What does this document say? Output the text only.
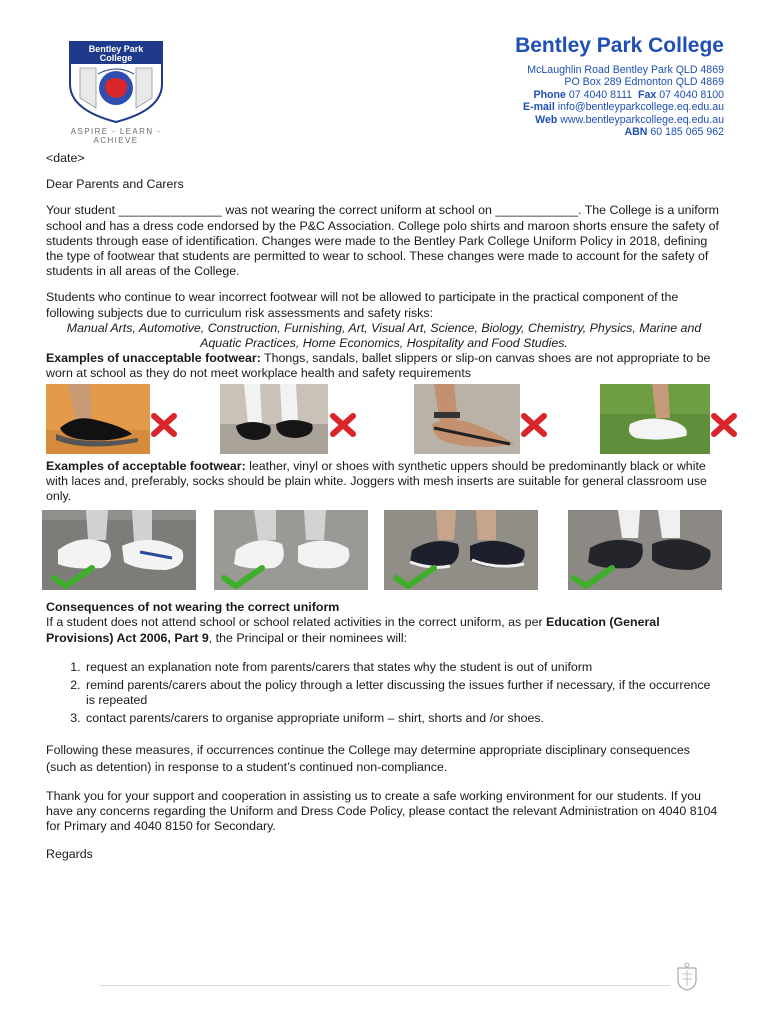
Bentley Park
College
ASPIRE - LEARN - ACHIEVE
Bentley Park College
McLaughlin Road Bentley Park QLD 4869
PO Box 289 Edmonton QLD 4869
Phone 07 4040 8111 Fax 07 4040 8100
E-mail info@bentleyparkcollege.eq.edu.au
Web www.bentleyparkcollege.eq.edu.au
ABN 60 185 065 962

<date>

Dear Parents and Carers

Your student _______________ was not wearing the correct uniform at school on ____________. The College is a uniform school and has a dress code endorsed by the P&C Association. College polo shirts and maroon shorts ensure the safety of students through ease of identification. Changes were made to the Bentley Park College Uniform Policy in 2018, defining the type of footwear that students are permitted to wear to school. These changes were made to account for the safety of students in all areas of the College.

Students who continue to wear incorrect footwear will not be allowed to participate in the practical component of the following subjects due to curriculum risk assessments and safety risks:

Manual Arts, Automotive, Construction, Furnishing, Art, Visual Art, Science, Biology, Chemistry, Physics, Marine and Aquatic Practices, Home Economics, Hospitality and Food Studies.

Examples of unacceptable footwear: Thongs, sandals, ballet slippers or slip-on canvas shoes are not appropriate to be worn at school as they do not meet workplace health and safety requirements

Examples of acceptable footwear: leather, vinyl or shoes with synthetic uppers should be predominantly black or white with laces and, preferably, socks should be plain white. Joggers with mesh inserts are suitable for general classroom use only.

Consequences of not wearing the correct uniform

If a student does not attend school or school related activities in the correct uniform, as per Education (General Provisions) Act 2006, Part 9, the Principal or their nominees will:

1. request an explanation note from parents/carers that states why the student is out of uniform
2. remind parents/carers about the policy through a letter discussing the issues further if necessary, if the occurrence is repeated
3. contact parents/carers to organise appropriate uniform – shirt, shorts and /or shoes.

Following these measures, if occurrences continue the College may determine appropriate disciplinary consequences (such as detention) in response to a student’s continued non-compliance.

Thank you for your support and cooperation in assisting us to create a safe working environment for our students. If you have any concerns regarding the Uniform and Dress Code Policy, please contact the relevant Administration on 4040 8104 for Primary and 4040 8150 for Secondary.

Regards
